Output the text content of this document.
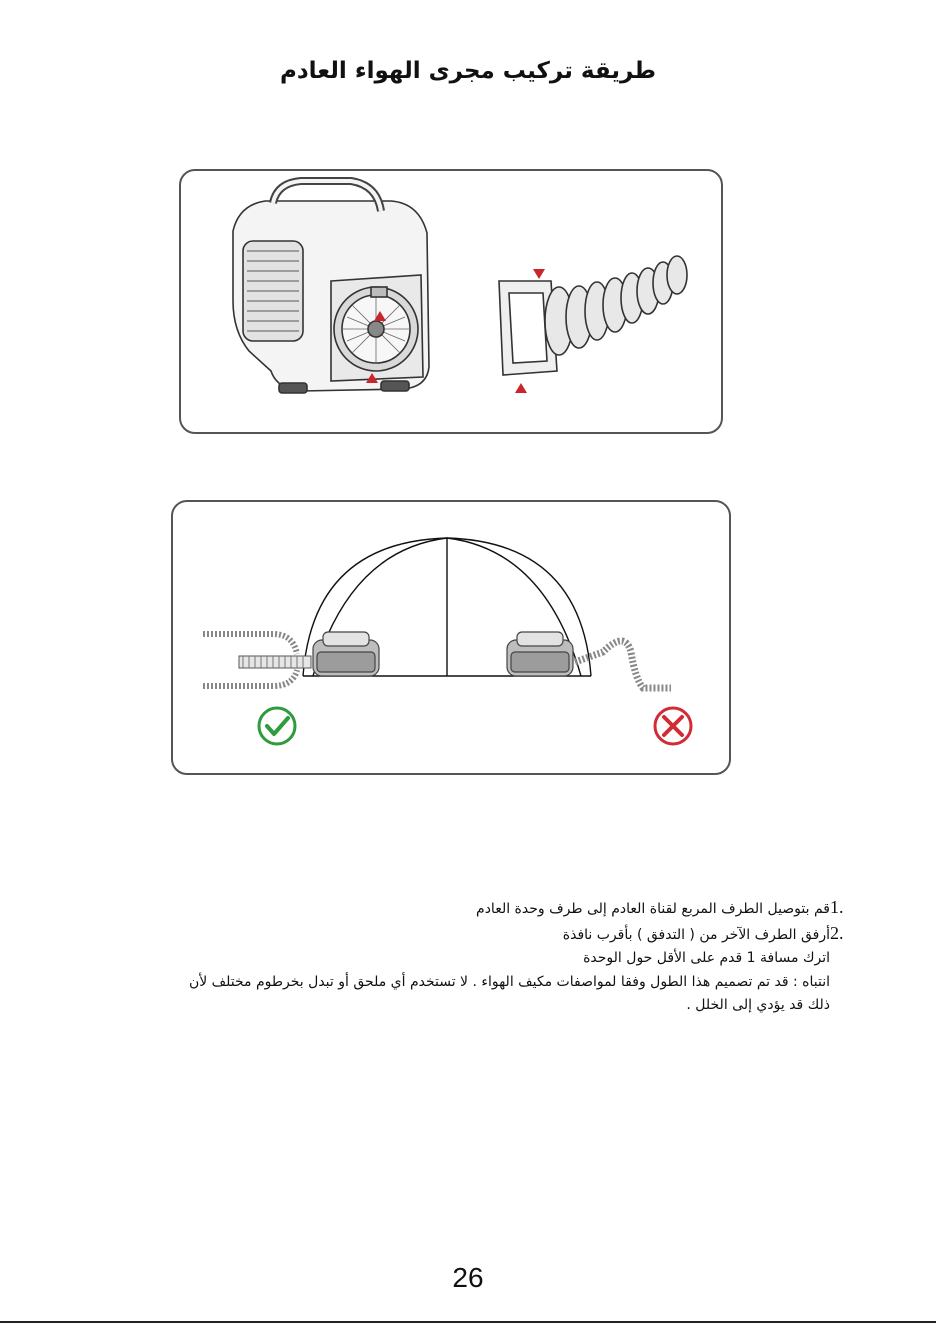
طريقة تركيب مجرى الهواء العادم
.1قم بتوصيل الطرف المربع لقناة العادم إلى طرف وحدة العادم
.2أرفق الطرف الآخر من ( التدفق ) بأقرب نافذة
اترك مسافة 1 قدم على الأقل حول الوحدة
انتباه : قد تم تصميم هذا الطول وفقا لمواصفات مكيف الهواء . لا تستخدم أي ملحق أو تبدل بخرطوم مختلف لأن
ذلك قد يؤدي إلى الخلل .
26
